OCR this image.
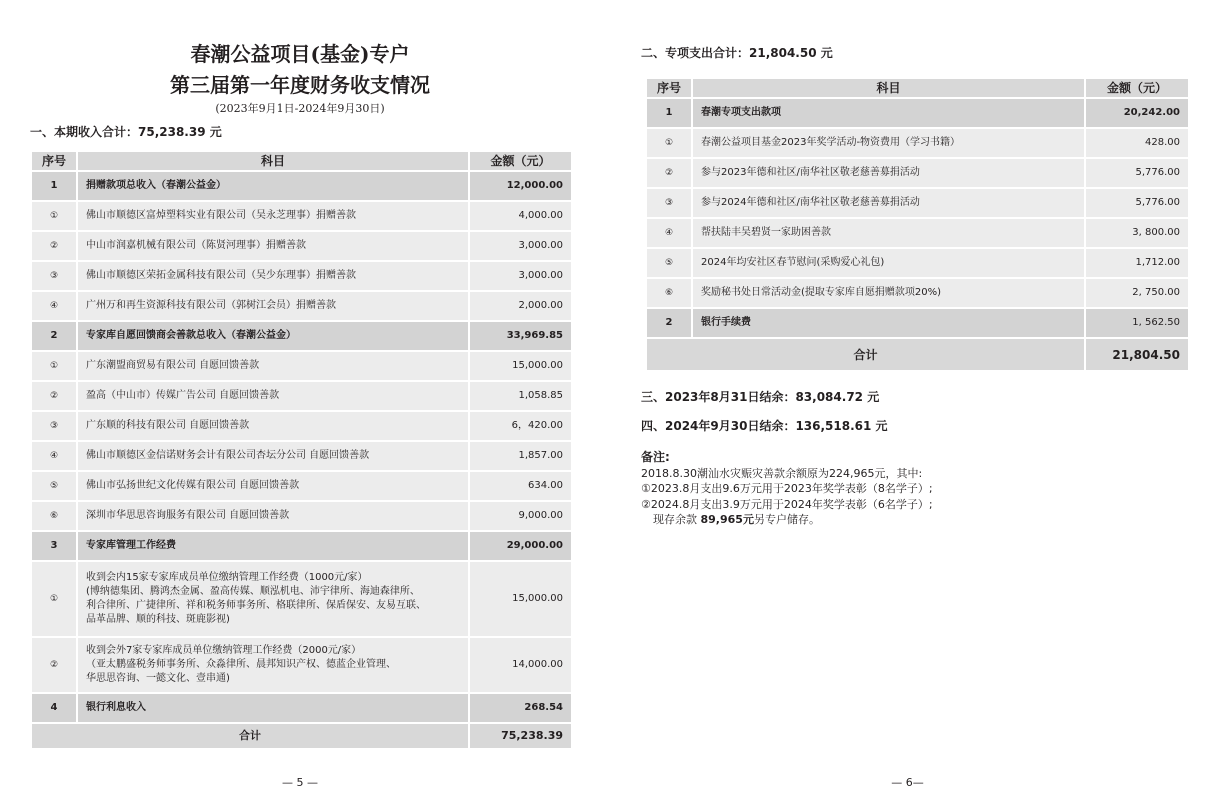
春潮公益项目(基金)专户
第三届第一年度财务收支情况
(2023年9月1日-2024年9月30日)
一、本期收入合计：75,238.39 元
序号	科目	金额（元）
1	捐赠款项总收入（春潮公益金）	12,000.00
①	佛山市顺德区富焯塑料实业有限公司（吴永芝理事）捐赠善款	4,000.00
②	中山市润嘉机械有限公司（陈贤河理事）捐赠善款	3,000.00
③	佛山市顺德区荣拓金属科技有限公司（吴少东理事）捐赠善款	3,000.00
④	广州万和再生资源科技有限公司（郭树江会员）捐赠善款	2,000.00
2	专家库自愿回馈商会善款总收入（春潮公益金）	33,969.85
①	广东潮盟商贸易有限公司 自愿回馈善款	15,000.00
②	盈高（中山市）传媒广告公司 自愿回馈善款	1,058.85
③	广东顺的科技有限公司 自愿回馈善款	6，420.00
④	佛山市顺德区金信诺财务会计有限公司杏坛分公司 自愿回馈善款	1,857.00
⑤	佛山市弘扬世纪文化传媒有限公司 自愿回馈善款	634.00
⑥	深圳市华思思咨询服务有限公司 自愿回馈善款	9,000.00
3	专家库管理工作经费	29,000.00
①	收到会内15家专家库成员单位缴纳管理工作经费（1000元/家）
(博纳德集团、腾鸿杰金属、盈高传媒、顺泓机电、沛宇律所、海迪森律所、
利合律所、广捷律所、祥和税务师事务所、格联律所、保盾保安、友易互联、
品革品牌、顺的科技、斑鹿影视)	15,000.00
②	收到会外7家专家库成员单位缴纳管理工作经费（2000元/家）
（亚太鹏盛税务师事务所、众淼律所、晨邦知识产权、德蓝企业管理、
华思思咨询、一懿文化、壹串通)	14,000.00
4	银行利息收入	268.54
合计		75,238.39
— 5 —
二、专项支出合计：21,804.50 元
序号	科目	金额（元）
1	春潮专项支出款项	20,242.00
①	春潮公益项目基金2023年奖学活动-物资费用（学习书籍）	428.00
②	参与2023年德和社区/南华社区敬老慈善募捐活动	5,776.00
③	参与2024年德和社区/南华社区敬老慈善募捐活动	5,776.00
④	帮扶陆丰吴碧贤一家助困善款	3, 800.00
⑤	2024年均安社区春节慰问(采购爱心礼包)	1,712.00
⑥	奖励秘书处日常活动金(提取专家库自愿捐赠款项20%)	2, 750.00
2	银行手续费	1, 562.50
合计		21,804.50
三、2023年8月31日结余：83,084.72 元
四、2024年9月30日结余：136,518.61 元
备注:
2018.8.30潮汕水灾赈灾善款余额原为224,965元，其中:
①2023.8月支出9.6万元用于2023年奖学表彰（8名学子）;
②2024.8月支出3.9万元用于2024年奖学表彰（6名学子）;
现存余款 89,965元另专户储存。
— 6—
